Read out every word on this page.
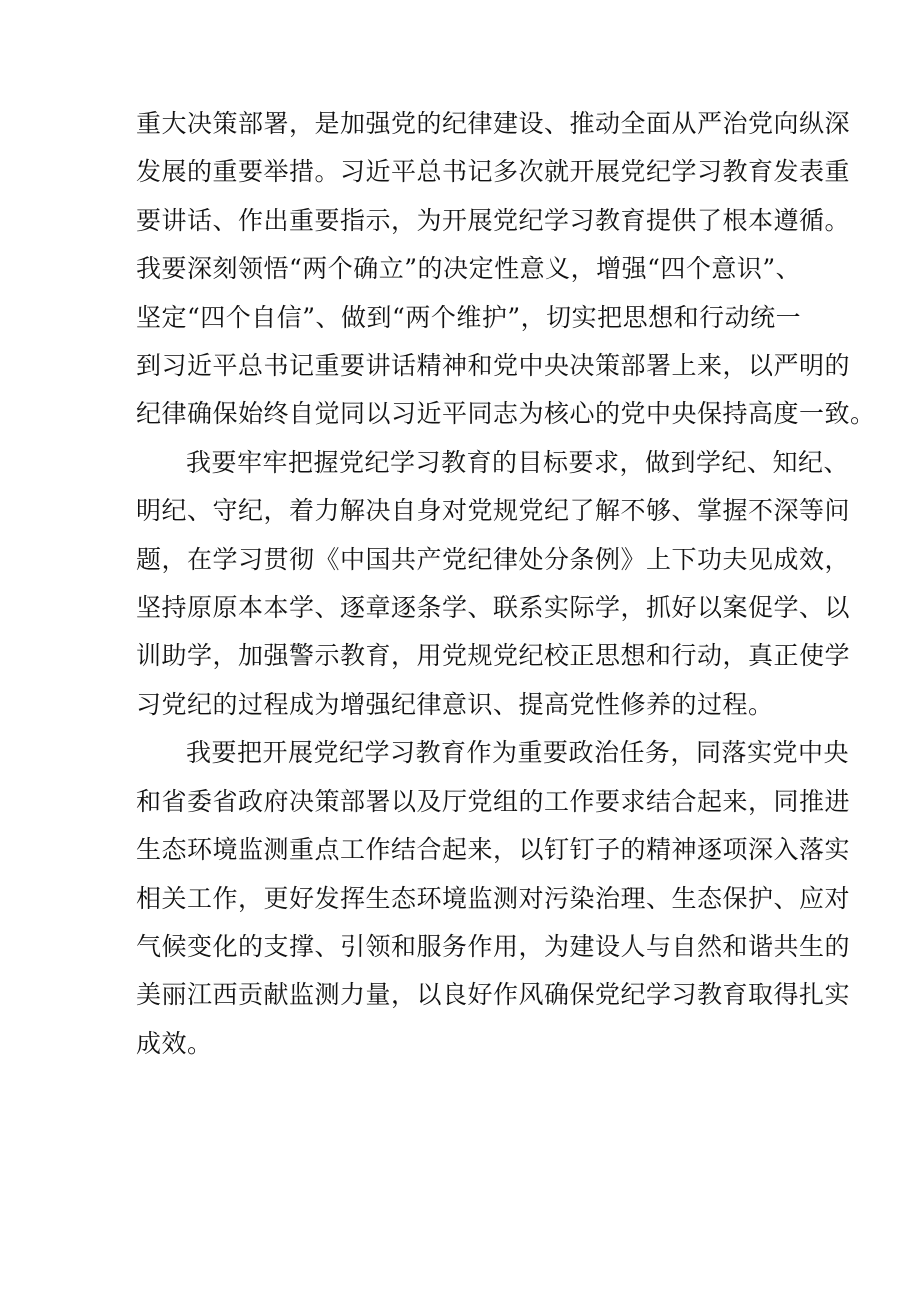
重大决策部署，是加强党的纪律建设、推动全面从严治党向纵深
发展的重要举措。习近平总书记多次就开展党纪学习教育发表重
要讲话、作出重要指示，为开展党纪学习教育提供了根本遵循。
我要深刻领悟“两个确立”的决定性意义，增强“四个意识”、
坚定“四个自信”、做到“两个维护”，切实把思想和行动统一
到习近平总书记重要讲话精神和党中央决策部署上来，以严明的
纪律确保始终自觉同以习近平同志为核心的党中央保持高度一致。
我要牢牢把握党纪学习教育的目标要求，做到学纪、知纪、
明纪、守纪，着力解决自身对党规党纪了解不够、掌握不深等问
题，在学习贯彻《中国共产党纪律处分条例》上下功夫见成效，
坚持原原本本学、逐章逐条学、联系实际学，抓好以案促学、以
训助学，加强警示教育，用党规党纪校正思想和行动，真正使学
习党纪的过程成为增强纪律意识、提高党性修养的过程。
我要把开展党纪学习教育作为重要政治任务，同落实党中央
和省委省政府决策部署以及厅党组的工作要求结合起来，同推进
生态环境监测重点工作结合起来，以钉钉子的精神逐项深入落实
相关工作，更好发挥生态环境监测对污染治理、生态保护、应对
气候变化的支撑、引领和服务作用，为建设人与自然和谐共生的
美丽江西贡献监测力量，以良好作风确保党纪学习教育取得扎实
成效。
